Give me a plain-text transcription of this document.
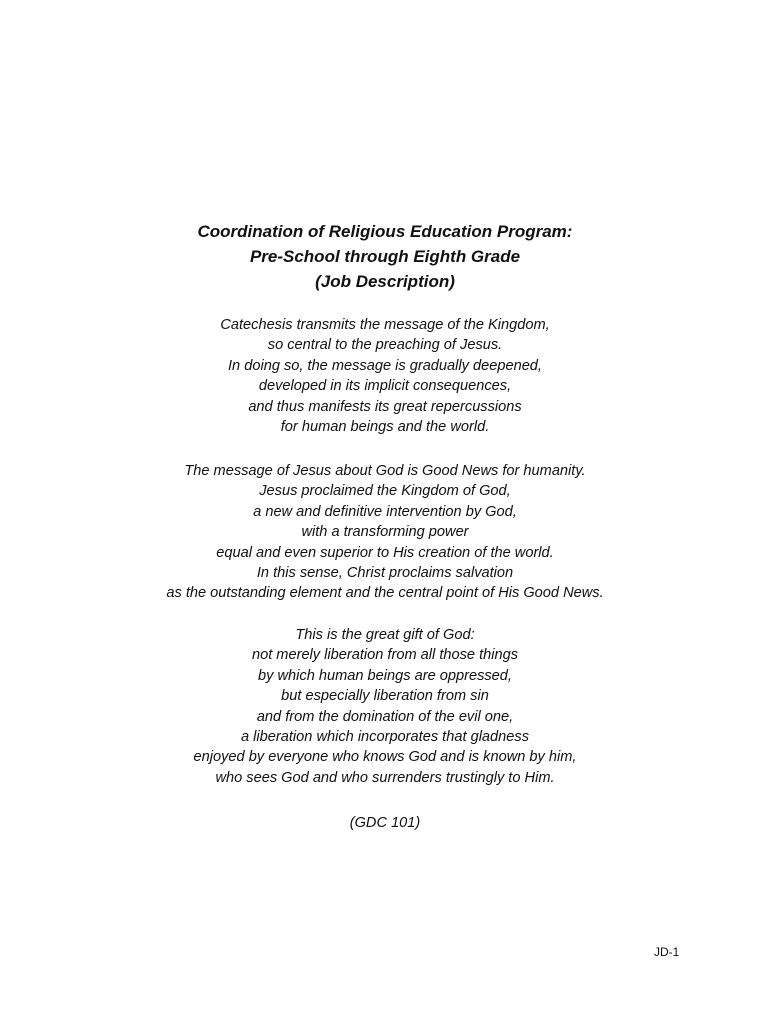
Coordination of Religious Education Program:
Pre-School through Eighth Grade
(Job Description)
Catechesis transmits the message of the Kingdom,
so central to the preaching of Jesus.
In doing so, the message is gradually deepened,
developed in its implicit consequences,
and thus manifests its great repercussions
for human beings and the world.
The message of Jesus about God is Good News for humanity.
Jesus proclaimed the Kingdom of God,
a new and definitive intervention by God,
with a transforming power
equal and even superior to His creation of the world.
In this sense, Christ proclaims salvation
as the outstanding element and the central point of His Good News.
This is the great gift of God:
not merely liberation from all those things
by which human beings are oppressed,
but especially liberation from sin
and from the domination of the evil one,
a liberation which incorporates that gladness
enjoyed by everyone who knows God and is known by him,
who sees God and who surrenders trustingly to Him.
(GDC 101)
JD-1
